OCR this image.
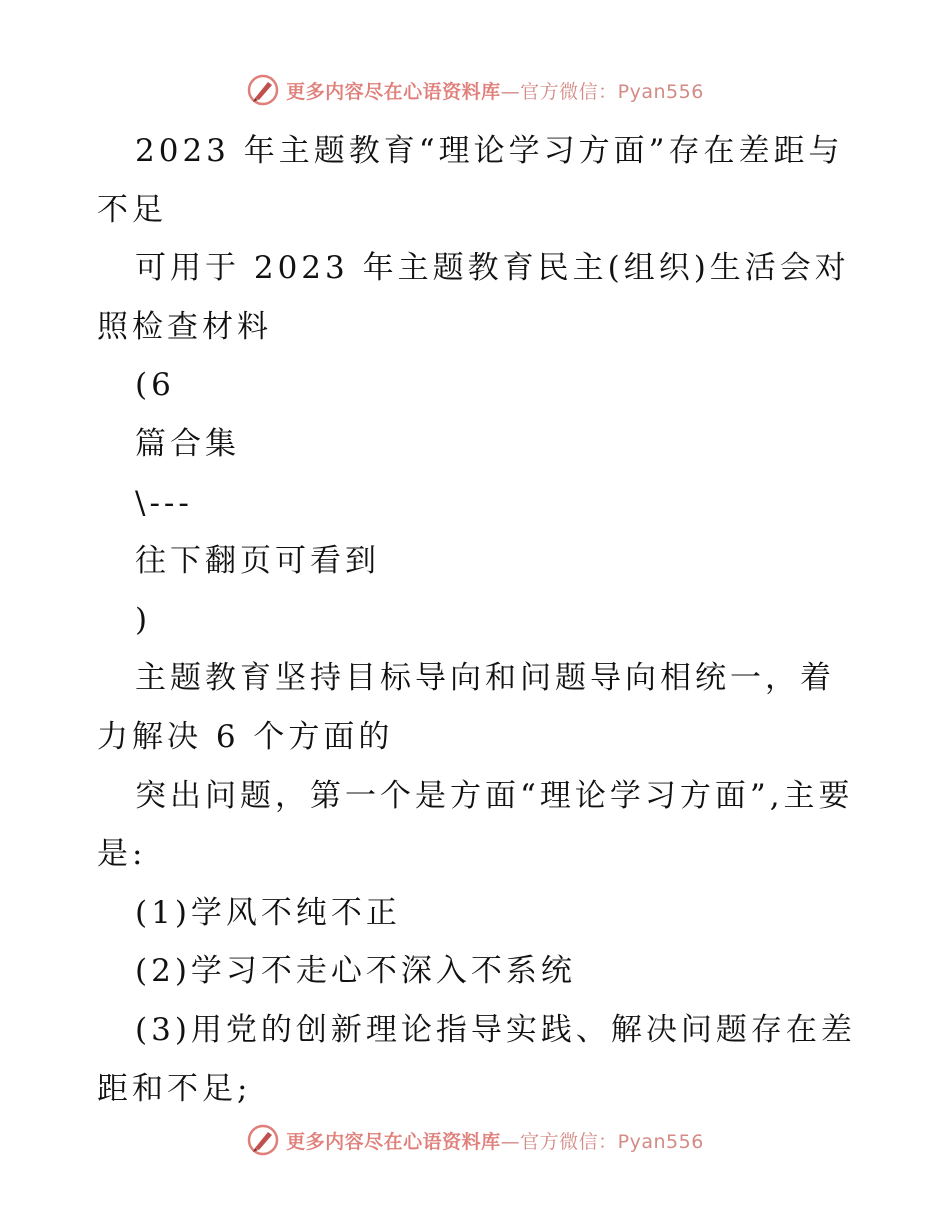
更多内容尽在心语资料库—官方微信：Pyan556

2023 年主题教育“理论学习方面”存在差距与不足

可用于 2023 年主题教育民主(组织)生活会对照检查材料

(6

篇合集

\---

往下翻页可看到

)

主题教育坚持目标导向和问题导向相统一，着力解决 6 个方面的

突出问题，第一个是方面“理论学习方面”,主要是:

(1)学风不纯不正

(2)学习不走心不深入不系统

(3)用党的创新理论指导实践、解决问题存在差距和不足;

更多内容尽在心语资料库—官方微信：Pyan556
